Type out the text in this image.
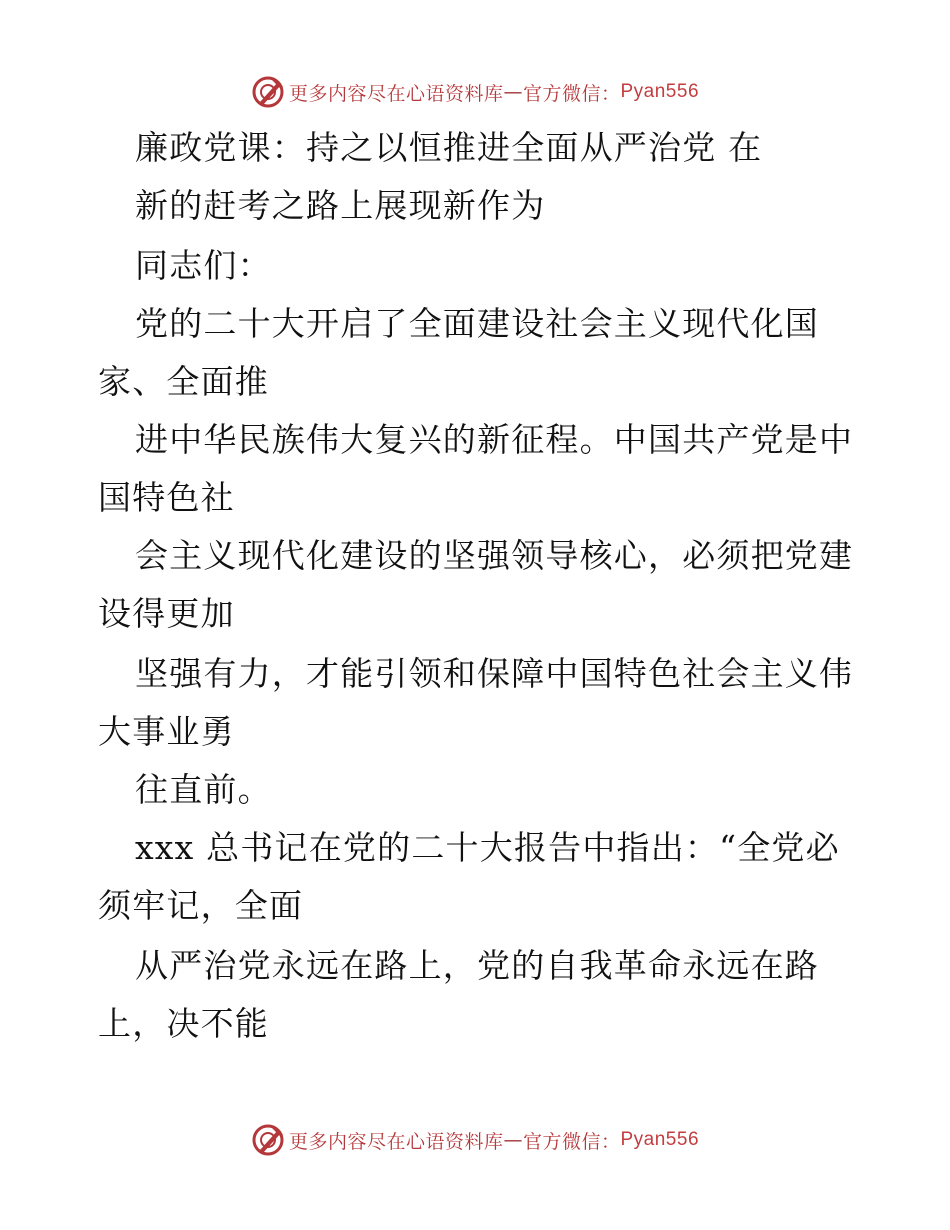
更多内容尽在心语资料库 — 官方微信： Pyan556
廉政党课：持之以恒推进全面从严治党 在
新的赶考之路上展现新作为
同志们：
党的二十大开启了全面建设社会主义现代化国
家、全面推
进中华民族伟大复兴的新征程。中国共产党是中
国特色社
会主义现代化建设的坚强领导核心，必须把党建
设得更加
坚强有力，才能引领和保障中国特色社会主义伟
大事业勇
往直前。
xxx 总书记在党的二十大报告中指出：“全党必
须牢记，全面
从严治党永远在路上，党的自我革命永远在路
上，决不能
更多内容尽在心语资料库 — 官方微信： Pyan556
